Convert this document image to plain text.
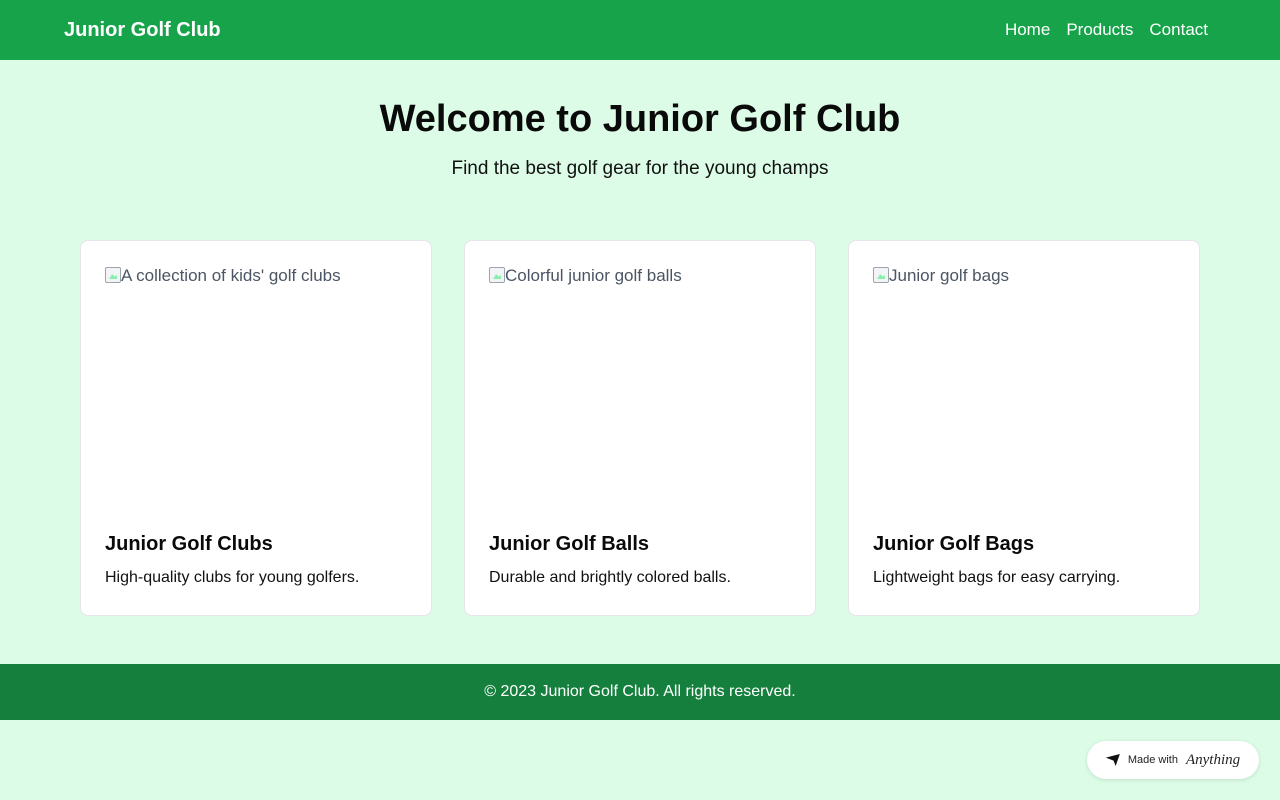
Junior Golf Club	Home Products Contact
Welcome to Junior Golf Club

Find the best golf gear for the young champs

A collection of kids' golf clubs
Junior Golf Clubs

High-quality clubs for young golfers.

Colorful junior golf balls
Junior Golf Balls

Durable and brightly colored balls.

Junior golf bags
Junior Golf Bags

Lightweight bags for easy carrying.

© 2023 Junior Golf Club. All rights reserved.
Made with Anything
